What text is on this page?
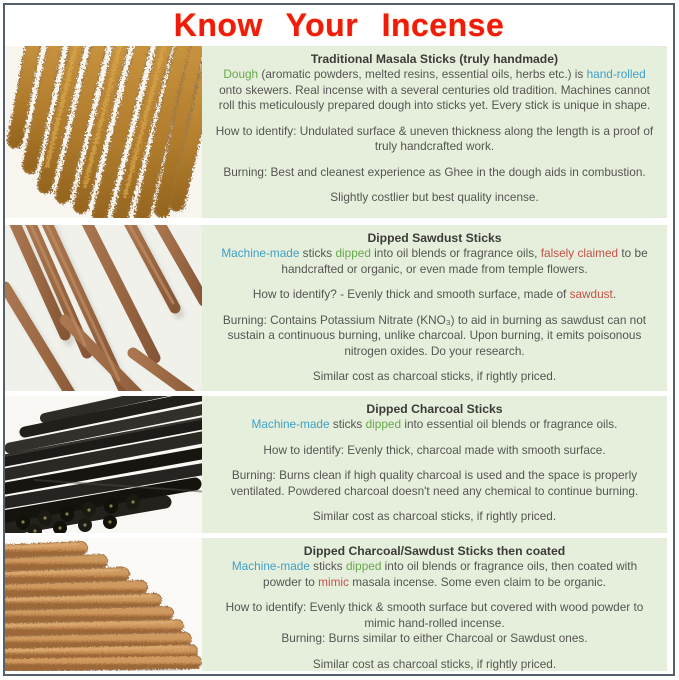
Know Your Incense
Traditional Masala Sticks (truly handmade)

Dough (aromatic powders, melted resins, essential oils, herbs etc.) is hand-rolled onto skewers. Real incense with a several centuries old tradition. Machines cannot roll this meticulously prepared dough into sticks yet. Every stick is unique in shape.

How to identify: Undulated surface & uneven thickness along the length is a proof of truly handcrafted work.

Burning: Best and cleanest experience as Ghee in the dough aids in combustion.

Slightly costlier but best quality incense.

Dipped Sawdust Sticks

Machine-made sticks dipped into oil blends or fragrance oils, falsely claimed to be handcrafted or organic, or even made from temple flowers.

How to identify? - Evenly thick and smooth surface, made of sawdust.

Burning: Contains Potassium Nitrate (KNO₃) to aid in burning as sawdust can not sustain a continuous burning, unlike charcoal. Upon burning, it emits poisonous nitrogen oxides. Do your research.

Similar cost as charcoal sticks, if rightly priced.

Dipped Charcoal Sticks

Machine-made sticks dipped into essential oil blends or fragrance oils.

How to identify: Evenly thick, charcoal made with smooth surface.

Burning: Burns clean if high quality charcoal is used and the space is properly ventilated. Powdered charcoal doesn't need any chemical to continue burning.

Similar cost as charcoal sticks, if rightly priced.

Dipped Charcoal/Sawdust Sticks then coated

Machine-made sticks dipped into oil blends or fragrance oils, then coated with powder to mimic masala incense. Some even claim to be organic.

How to identify: Evenly thick & smooth surface but covered with wood powder to mimic hand-rolled incense.

Burning: Burns similar to either Charcoal or Sawdust ones.

Similar cost as charcoal sticks, if rightly priced.
